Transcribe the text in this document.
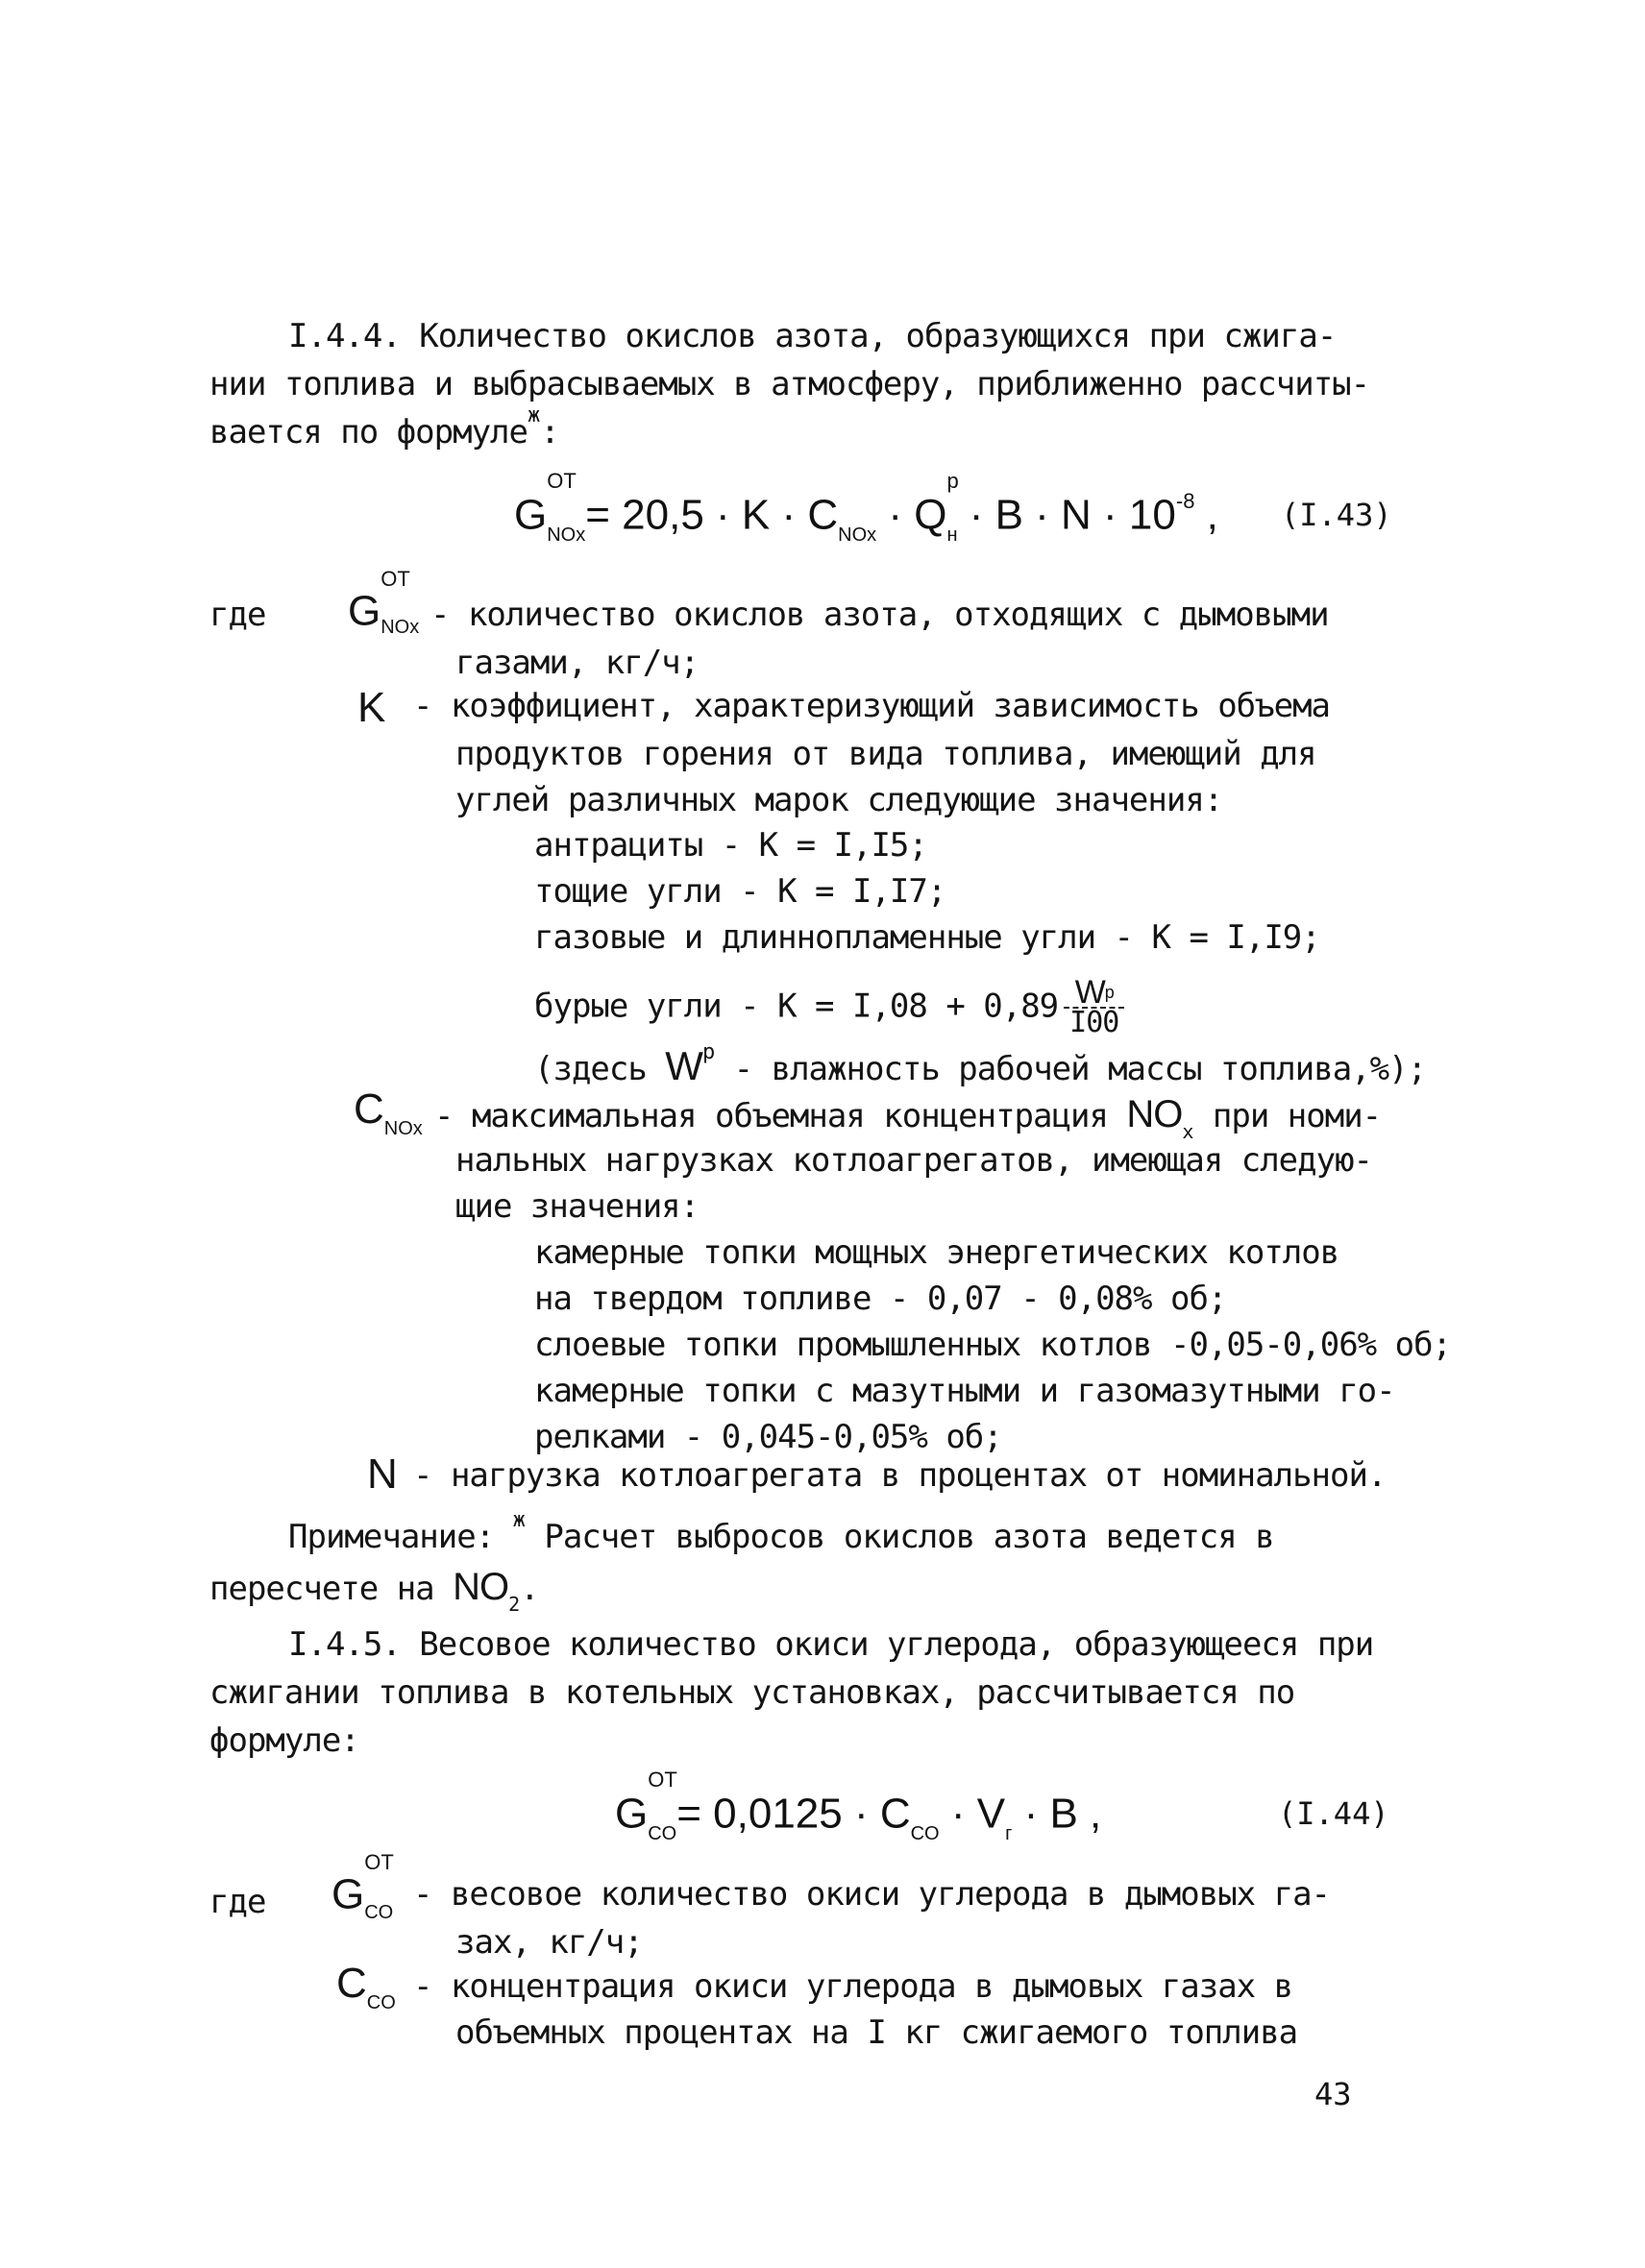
I.4.4. Количество окислов азота, образующихся при сжига-
нии топлива и выбрасываемых в атмосферу, приближенно рассчиты-
вается по формуле$^ж$:
G
ОТ
$_{NOx}= 20,5 \cdot K \cdot C_{NOx} \cdot Q$
р
$_н \cdot B \cdot N \cdot 10^{-8}$ , (I.43)
где G
ОТ
$_{NOx}$ - количество окислов азота, отходящих с дымовыми
газами, кг/ч;
K - коэффициент, характеризующий зависимость объема
продуктов горения от вида топлива, имеющий для
углей различных марок следующие значения:
антрациты - K = I,I5;
тощие угли - K = I,I7;
газовые и длиннопламенные угли - K = I,I9;
бурые угли - $K = I,08 + 0,89 \frac{W^р}{I00}$
(здесь $W^р$ - влажность рабочей массы топлива,%);
$C_{NOx}$ - максимальная объемная концентрация $NO_x$ при номи-
нальных нагрузках котлоагрегатов, имеющая следую-
щие значения:
камерные топки мощных энергетических котлов
на твердом топливе - 0,07 - 0,08% об;
слоевые топки промышленных котлов -0,05-0,06% об;
камерные топки с мазутными и газомазутными го-
релками - 0,045-0,05% об;
N - нагрузка котлоагрегата в процентах от номинальной.
Примечание: $^ж$ Расчет выбросов окислов азота ведется в
пересчете на $NO_2$.
I.4.5. Весовое количество окиси углерода, образующееся при
сжигании топлива в котельных установках, рассчитывается по
формуле:
G
ОТ
$_{CO}= 0,0125 \cdot C_{CO} \cdot V_г \cdot B$ ,	(I.44)
где G
ОТ
$_{CO}$ - весовое количество окиси углерода в дымовых га-
зах, кг/ч;
$C_{CO}$ - концентрация окиси углерода в дымовых газах в
объемных процентах на I кг сжигаемого топлива
43
